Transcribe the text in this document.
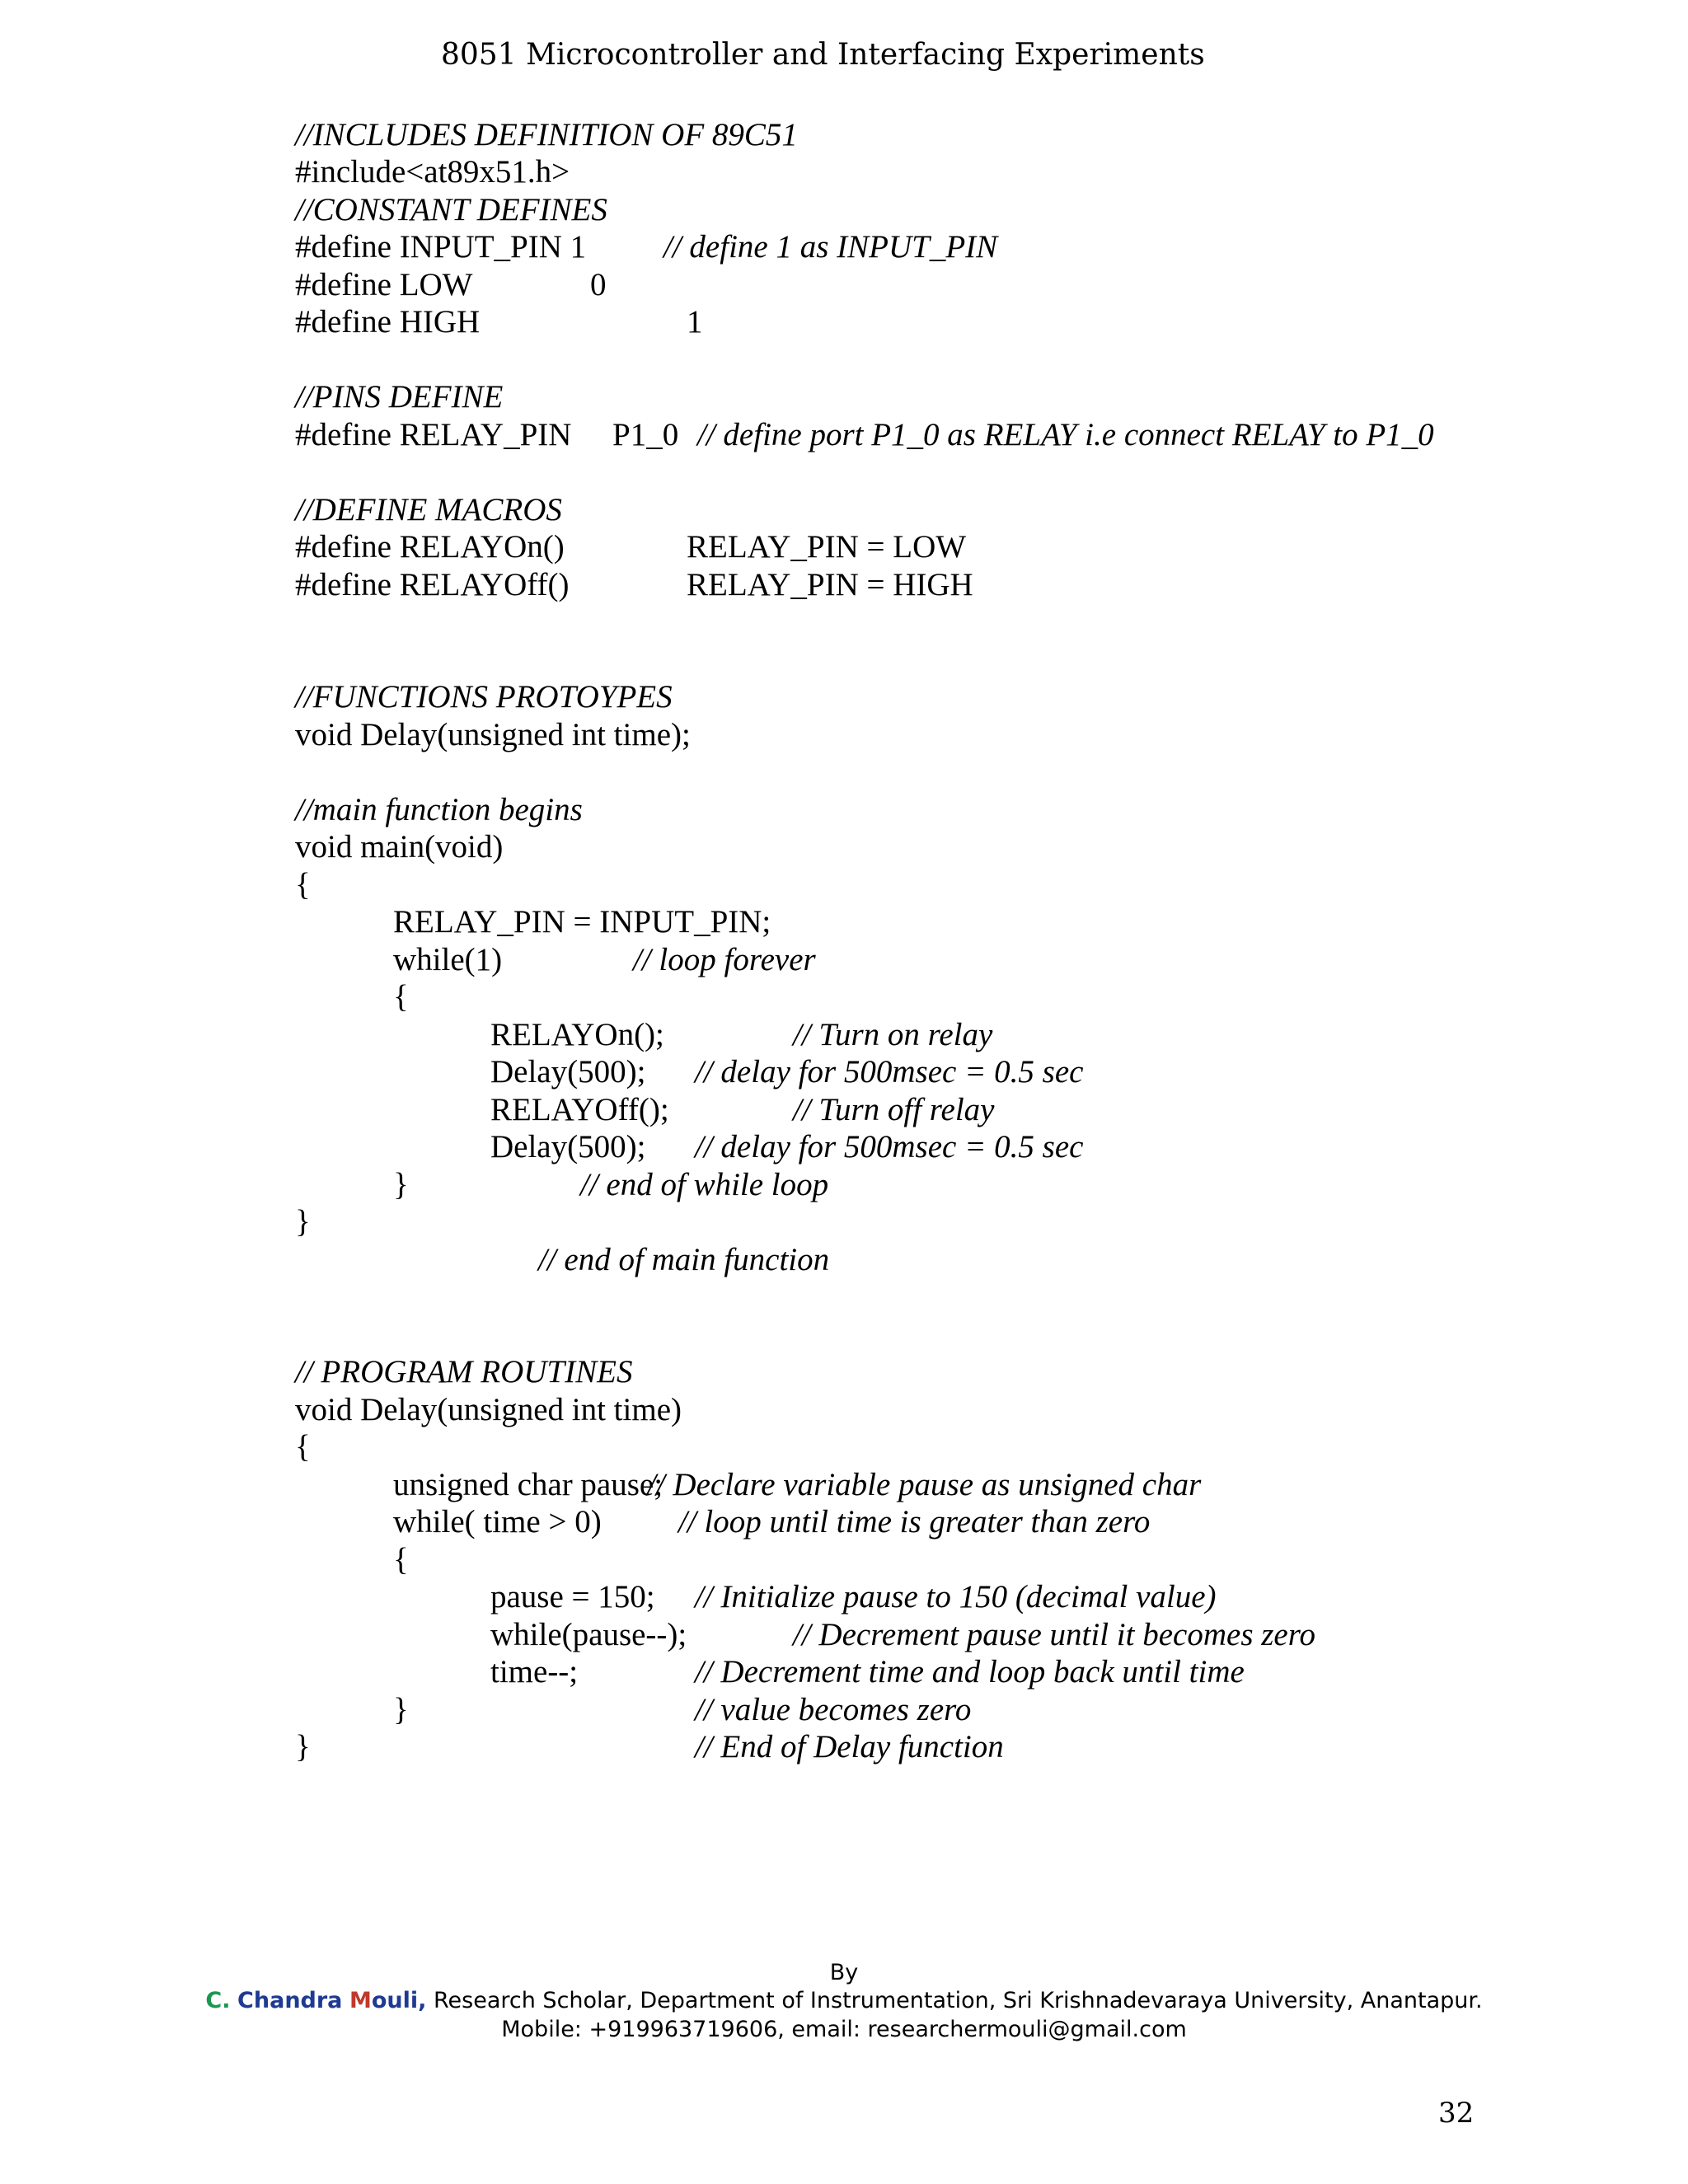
8051 Microcontroller and Interfacing Experiments
//INCLUDES DEFINITION OF 89C51
#include<at89x51.h>
//CONSTANT DEFINES
#define INPUT_PIN 1 // define 1 as INPUT_PIN
#define LOW	0
#define HIGH	1
//PINS DEFINE
#define RELAY_PIN P1_0 // define port P1_0 as RELAY i.e connect RELAY to P1_0
//DEFINE MACROS
#define RELAYOn()	RELAY_PIN = LOW
#define RELAYOff()	RELAY_PIN = HIGH
//FUNCTIONS PROTOYPES
void Delay(unsigned int time);
//main function begins
void main(void)
{
RELAY_PIN = INPUT_PIN;
while(1)	// loop forever
{
RELAYOn();	// Turn on relay
Delay(500); // delay for 500msec = 0.5 sec
RELAYOff();	// Turn off relay
Delay(500); // delay for 500msec = 0.5 sec
}	// end of while loop
}
// end of main function
// PROGRAM ROUTINES
void Delay(unsigned int time)
{
unsigned char pause;
// Declare variable pause as unsigned char
while( time > 0) // loop until time is greater than zero
{
pause = 150; // Initialize pause to 150 (decimal value)
while(pause--);	// Decrement pause until it becomes zero
time--;	// Decrement time and loop back until time
}	// value becomes zero
}	// End of Delay function
By
C. Chandra Mouli, Research Scholar, Department of Instrumentation, Sri Krishnadevaraya University, Anantapur.
Mobile: +919963719606, email: researchermouli@gmail.com
32
